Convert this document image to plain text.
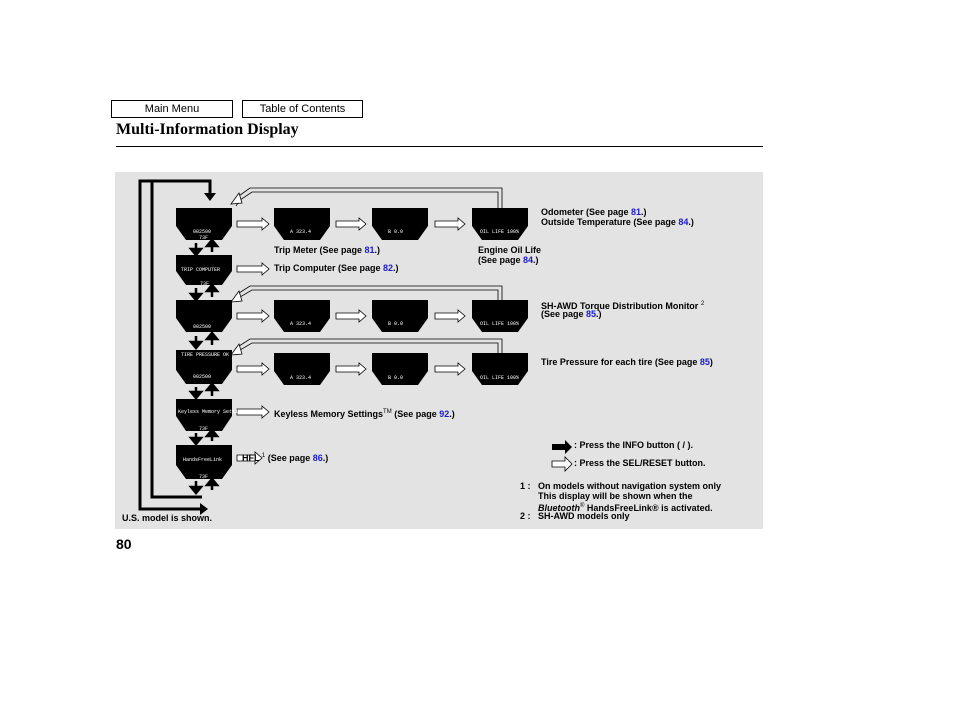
Main Menu	Table of Contents
Multi-Information Display
002500
73F
TRIP COMPUTER
73F
002500
TIRE PRESSURE OK
002500
Keyless Memory Settings
73F
HandsFreeLink
73F
A 323.4	B 0.0	OIL LIFE 100%
A 323.4	B 0.0	OIL LIFE 100%
A 323.4	B 0.0	OIL LIFE 100%
Odometer (See page 81.)
Outside Temperature (See page 84.)
Trip Meter (See page 81.)	Engine Oil Life
(See page 84.)
Trip Computer (See page 82.)
SH-AWD Torque Distribution Monitor $^2$
(See page 85.)
Tire Pressure for each tire (See page 85)
Keyless Memory Settings™ (See page 92.)
HFL $^1$ (See page 86.)
: Press the INFO button ( / ).
: Press the SEL/RESET button.
1 : On models without navigation system only
This display will be shown when the
Bluetooth® HandsFreeLink® is activated.
2 : SH-AWD models only
U.S. model is shown.
80
